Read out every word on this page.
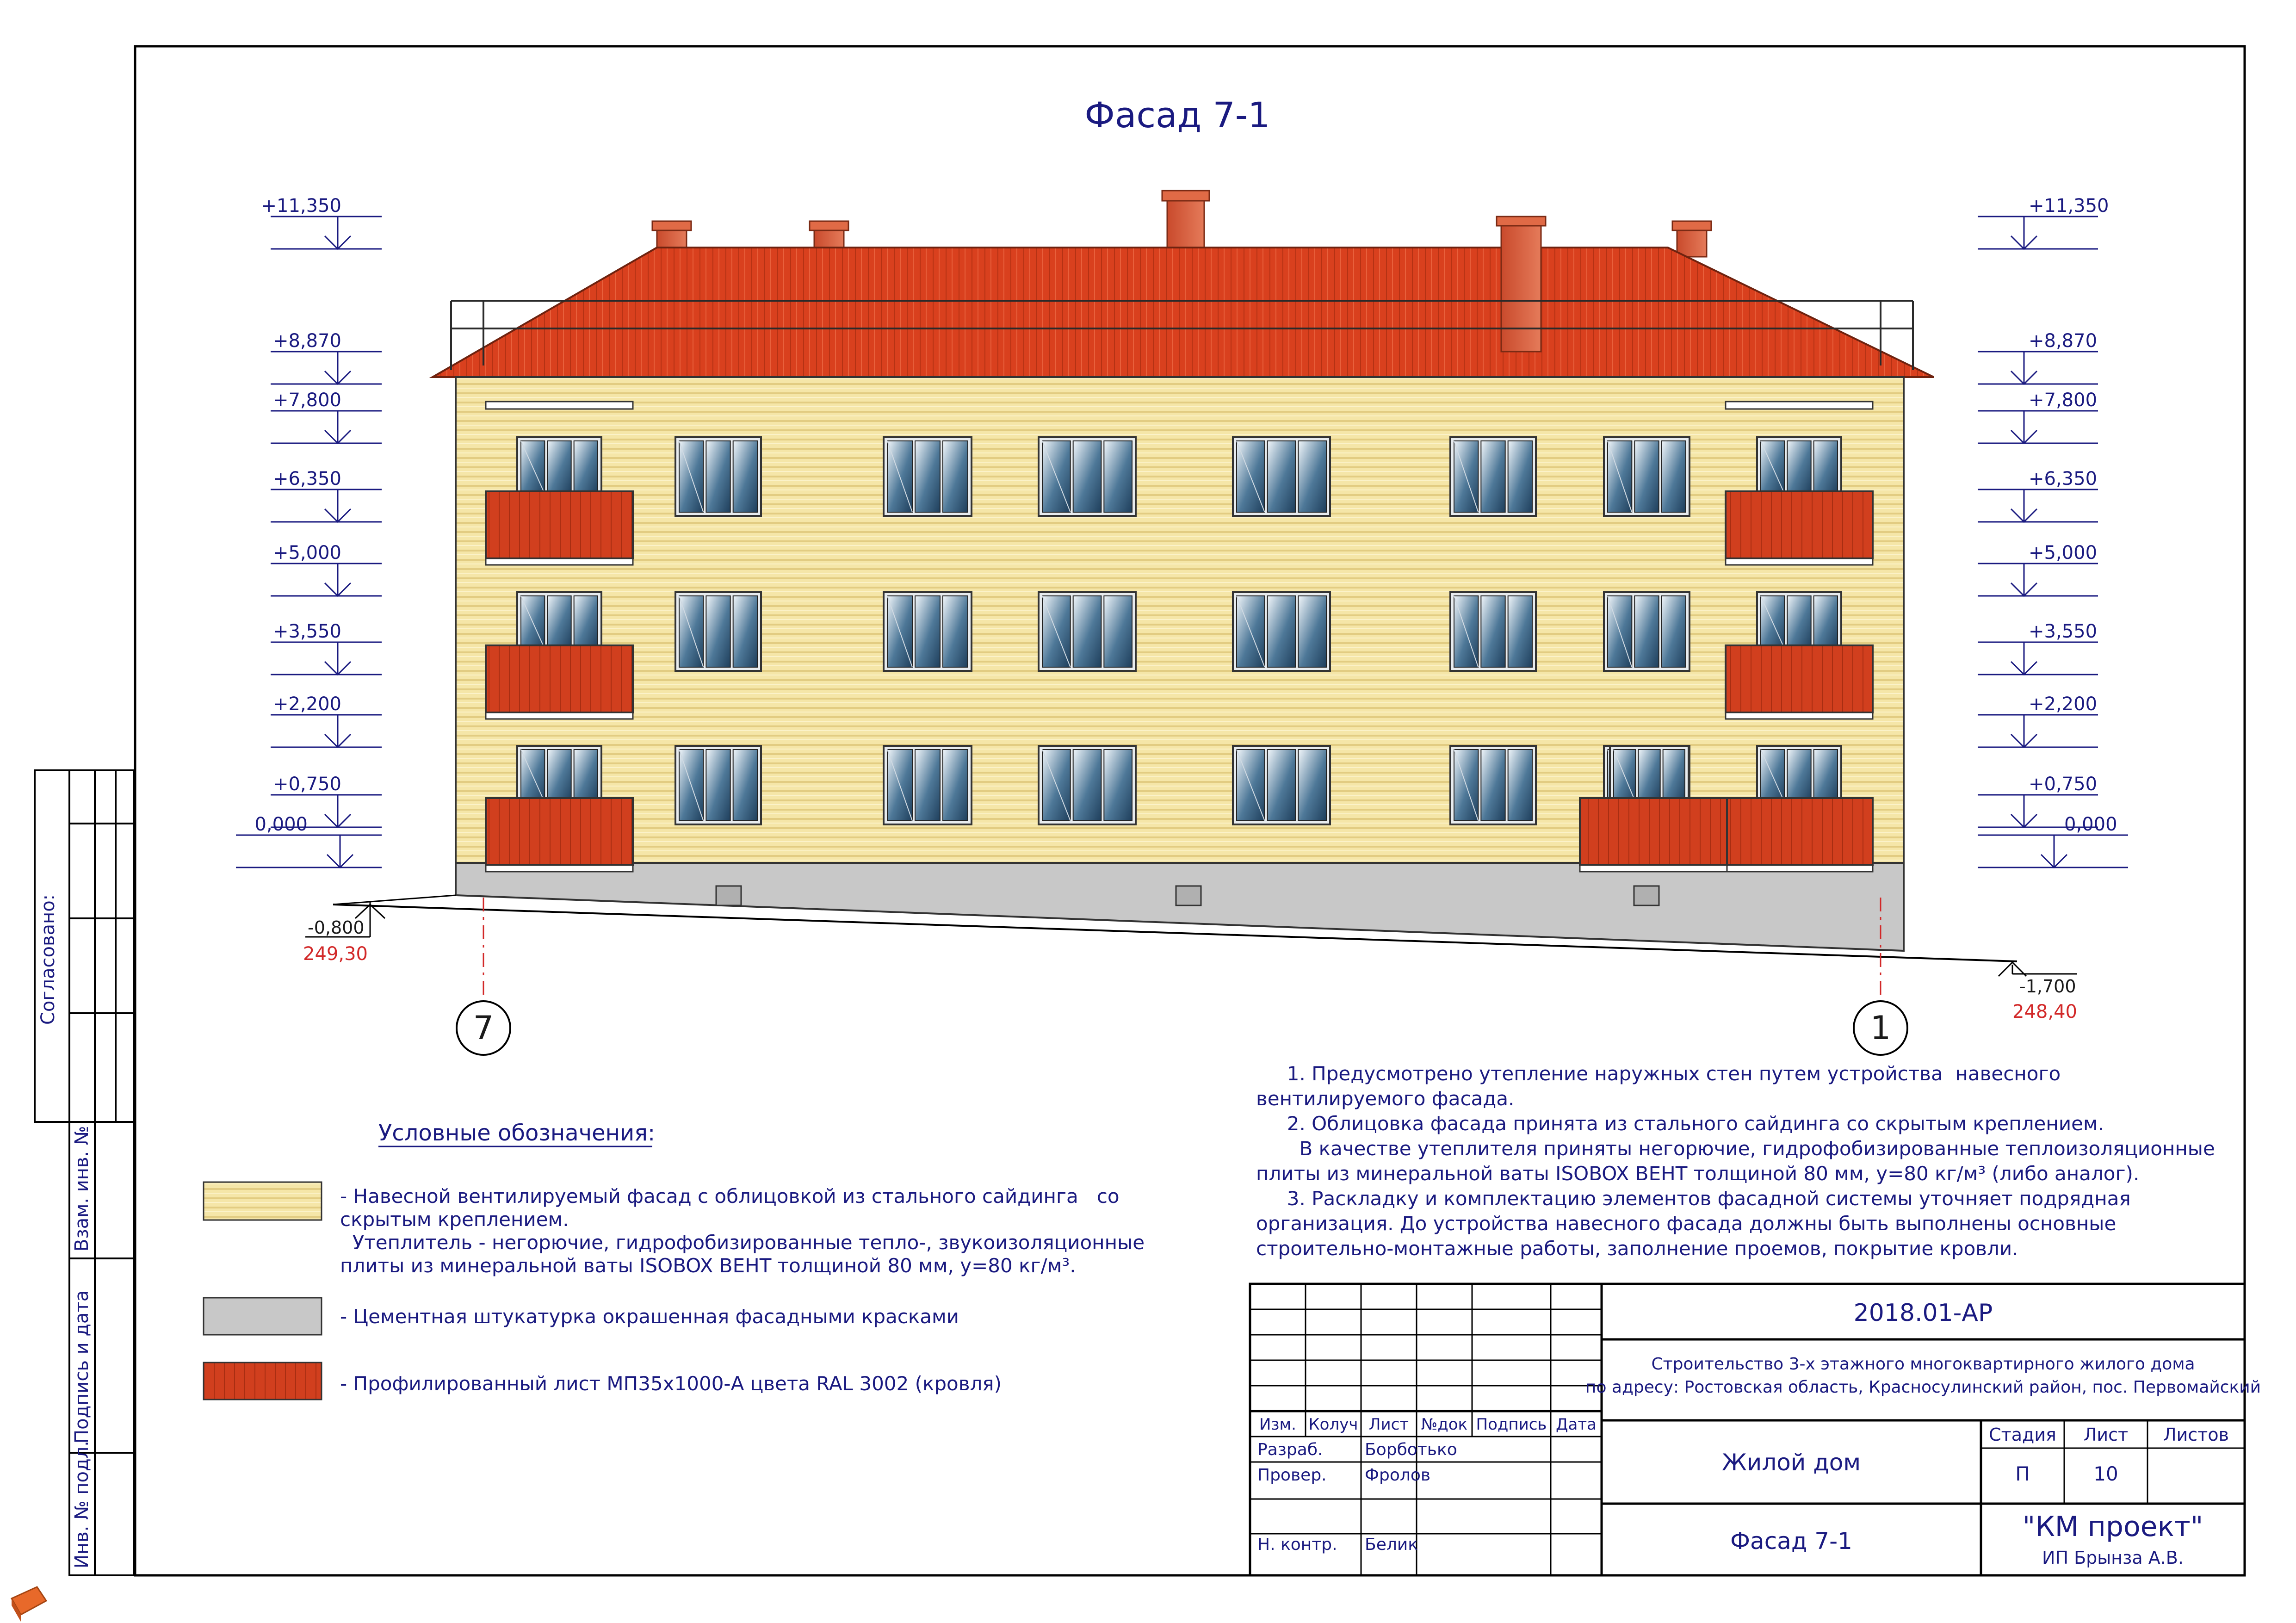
Согласовано:
Взам. инв. №
Подпись и дата
Инв. № подл.
Фасад 7-1
7	1
+11,350
+8,870
+7,800
+6,350
+5,000
+3,550
+2,200
+0,750
0,000
+11,350
+8,870
+7,800
+6,350
+5,000
+3,550
+2,200
+0,750
0,000
-0,800
249,30
-1,700
248,40
Условные обозначения:
- Навесной вентилируемый фасад с облицовкой из стального сайдинга   со
скрытым креплением.
Утеплитель - негорючие, гидрофобизированные тепло-, звукоизоляционные
плиты из минеральной ваты ISOBOX ВЕНТ толщиной 80 мм, y=80 кг/м³.
- Цементная штукатурка окрашенная фасадными красками
- Профилированный лист МП35х1000-А цвета RAL 3002 (кровля)
1. Предусмотрено утепление наружных стен путем устройства  навесного
вентилируемого фасада.
2. Облицовка фасада принята из стального сайдинга со скрытым креплением.
В качестве утеплителя приняты негорючие, гидрофобизированные теплоизоляционные
плиты из минеральной ваты ISOBOX ВЕНТ толщиной 80 мм, y=80 кг/м³ (либо аналог).
3. Раскладку и комплектацию элементов фасадной системы уточняет подрядная
организация. До устройства навесного фасада должны быть выполнены основные
строительно-монтажные работы, заполнение проемов, покрытие кровли.
Изм. Колуч Лист №док Подпись Дата
Разраб.	Борботько
Провер. Фролов
Н. контр. Белик
2018.01-АР
Строительство 3-х этажного многоквартирного жилого дома
по адресу: Ростовская область, Красносулинский район, пос. Первомайский
Жилой дом
Фасад 7-1
Стадия Лист Листов
П	10
"КМ проект"
ИП Брынза А.В.
